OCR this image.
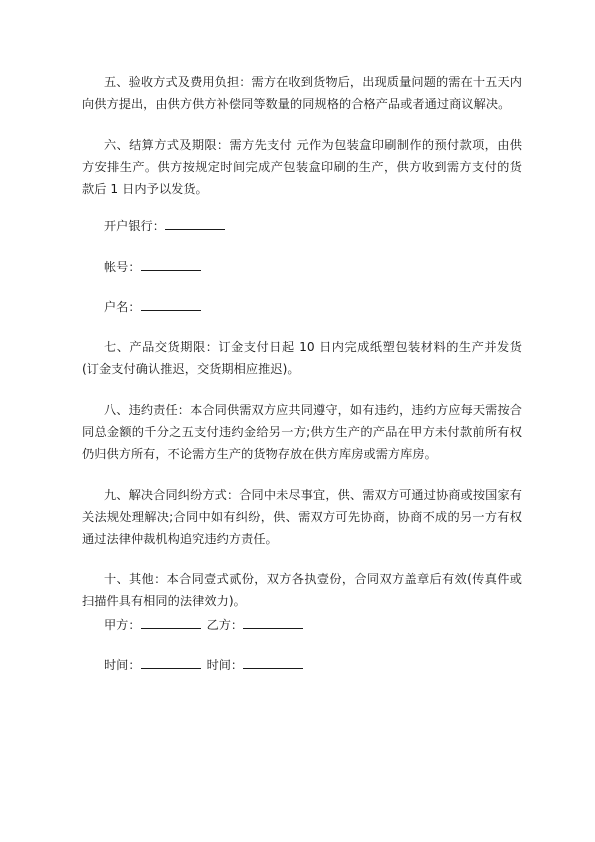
五、验收方式及费用负担：需方在收到货物后，出现质量问题的需在十五天内向供方提出，由供方供方补偿同等数量的同规格的合格产品或者通过商议解决。

六、结算方式及期限：需方先支付 元作为包装盒印刷制作的预付款项，由供方安排生产。供方按规定时间完成产包装盒印刷的生产，供方收到需方支付的货款后 1 日内予以发货。

开户银行：
帐号：
户名：

七、产品交货期限：订金支付日起 10 日内完成纸塑包装材料的生产并发货(订金支付确认推迟，交货期相应推迟)。

八、违约责任：本合同供需双方应共同遵守，如有违约，违约方应每天需按合同总金额的千分之五支付违约金给另一方;供方生产的产品在甲方未付款前所有权仍归供方所有，不论需方生产的货物存放在供方库房或需方库房。

九、解决合同纠纷方式：合同中未尽事宜，供、需双方可通过协商或按国家有关法规处理解决;合同中如有纠纷，供、需双方可先协商，协商不成的另一方有权通过法律仲裁机构追究违约方责任。

十、其他：本合同壹式贰份，双方各执壹份，合同双方盖章后有效(传真件或扫描件具有相同的法律效力)。

甲方：	乙方：
时间：	时间：
